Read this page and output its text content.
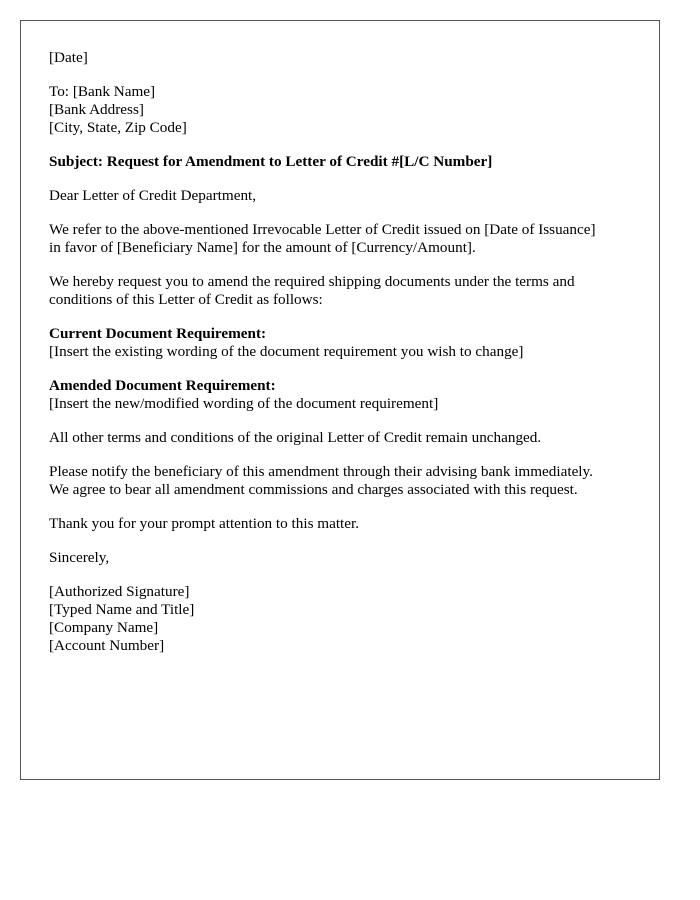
[Date]
To: [Bank Name]
[Bank Address]
[City, State, Zip Code]
Subject: Request for Amendment to Letter of Credit #[L/C Number]
Dear Letter of Credit Department,
We refer to the above-mentioned Irrevocable Letter of Credit issued on [Date of Issuance]
in favor of [Beneficiary Name] for the amount of [Currency/Amount].
We hereby request you to amend the required shipping documents under the terms and
conditions of this Letter of Credit as follows:
Current Document Requirement:
[Insert the existing wording of the document requirement you wish to change]
Amended Document Requirement:
[Insert the new/modified wording of the document requirement]
All other terms and conditions of the original Letter of Credit remain unchanged.
Please notify the beneficiary of this amendment through their advising bank immediately.
We agree to bear all amendment commissions and charges associated with this request.
Thank you for your prompt attention to this matter.
Sincerely,
[Authorized Signature]
[Typed Name and Title]
[Company Name]
[Account Number]
